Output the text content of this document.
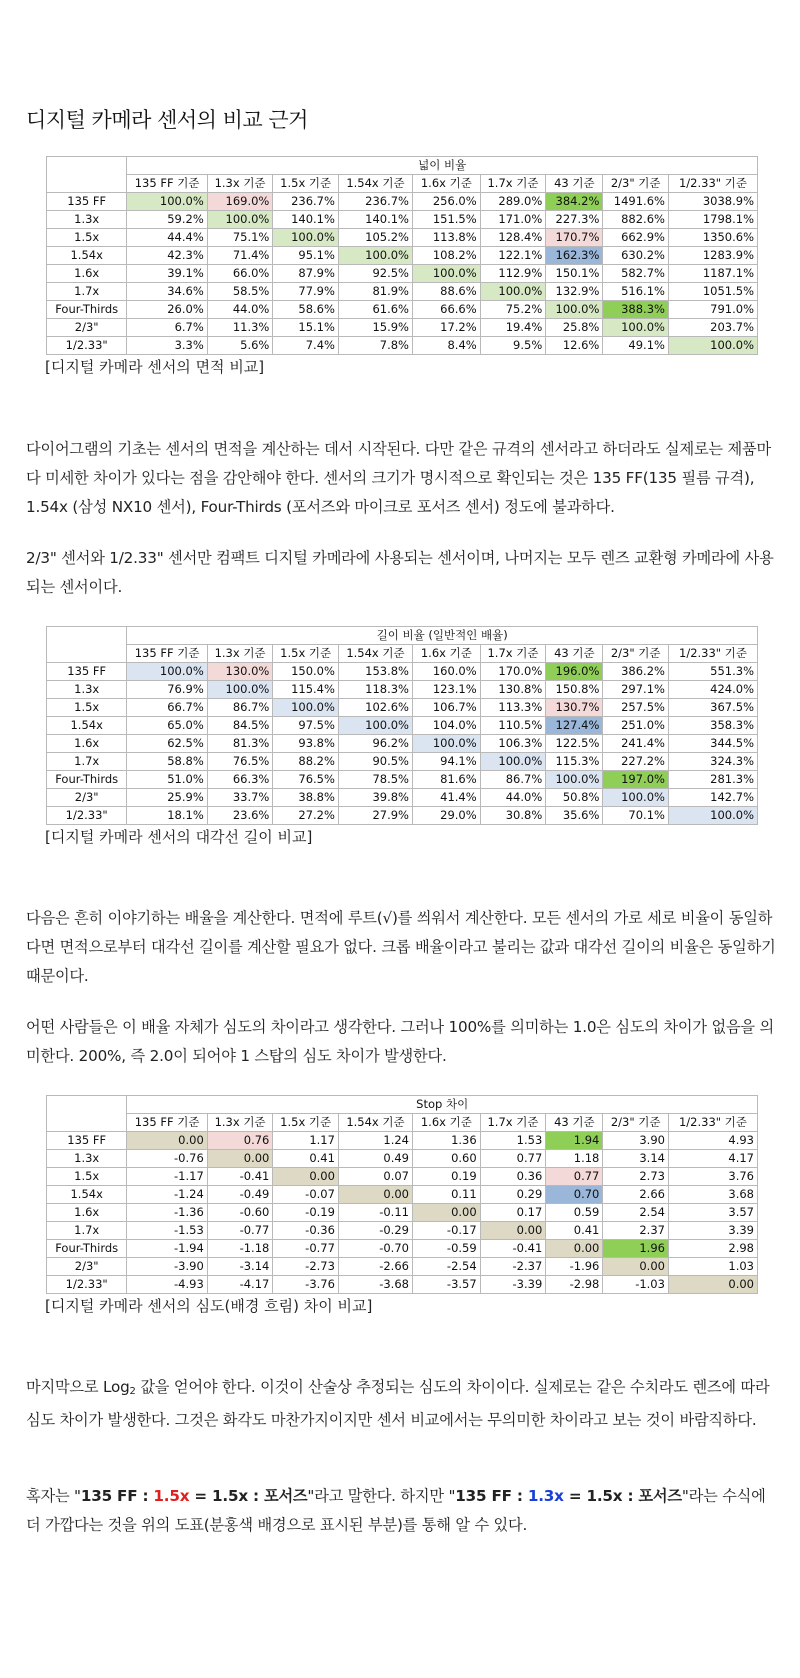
디지털 카메라 센서의 비교 근거
	넓이 비율								
	135 FF 기준	1.3x 기준	1.5x 기준	1.54x 기준	1.6x 기준	1.7x 기준	43 기준	2/3" 기준	1/2.33" 기준
135 FF	100.0%	169.0%	236.7%	236.7%	256.0%	289.0%	384.2%	1491.6%	3038.9%
1.3x	59.2%	100.0%	140.1%	140.1%	151.5%	171.0%	227.3%	882.6%	1798.1%
1.5x	44.4%	75.1%	100.0%	105.2%	113.8%	128.4%	170.7%	662.9%	1350.6%
1.54x	42.3%	71.4%	95.1%	100.0%	108.2%	122.1%	162.3%	630.2%	1283.9%
1.6x	39.1%	66.0%	87.9%	92.5%	100.0%	112.9%	150.1%	582.7%	1187.1%
1.7x	34.6%	58.5%	77.9%	81.9%	88.6%	100.0%	132.9%	516.1%	1051.5%
Four-Thirds	26.0%	44.0%	58.6%	61.6%	66.6%	75.2%	100.0%	388.3%	791.0%
2/3"	6.7%	11.3%	15.1%	15.9%	17.2%	19.4%	25.8%	100.0%	203.7%
1/2.33"	3.3%	5.6%	7.4%	7.8%	8.4%	9.5%	12.6%	49.1%	100.0%

[디지털 카메라 센서의 면적 비교]

다이어그램의 기초는 센서의 면적을 계산하는 데서 시작된다. 다만 같은 규격의 센서라고 하더라도 실제로는 제품마다 미세한 차이가 있다는 점을 감안해야 한다. 센서의 크기가 명시적으로 확인되는 것은 135 FF(135 필름 규격), 1.54x (삼성 NX10 센서), Four-Thirds (포서즈와 마이크로 포서즈 센서) 정도에 불과하다.

2/3" 센서와 1/2.33" 센서만 컴팩트 디지털 카메라에 사용되는 센서이며, 나머지는 모두 렌즈 교환형 카메라에 사용되는 센서이다.

	길이 비율 (일반적인 배율)								
	135 FF 기준	1.3x 기준	1.5x 기준	1.54x 기준	1.6x 기준	1.7x 기준	43 기준	2/3" 기준	1/2.33" 기준
135 FF	100.0%	130.0%	150.0%	153.8%	160.0%	170.0%	196.0%	386.2%	551.3%
1.3x	76.9%	100.0%	115.4%	118.3%	123.1%	130.8%	150.8%	297.1%	424.0%
1.5x	66.7%	86.7%	100.0%	102.6%	106.7%	113.3%	130.7%	257.5%	367.5%
1.54x	65.0%	84.5%	97.5%	100.0%	104.0%	110.5%	127.4%	251.0%	358.3%
1.6x	62.5%	81.3%	93.8%	96.2%	100.0%	106.3%	122.5%	241.4%	344.5%
1.7x	58.8%	76.5%	88.2%	90.5%	94.1%	100.0%	115.3%	227.2%	324.3%
Four-Thirds	51.0%	66.3%	76.5%	78.5%	81.6%	86.7%	100.0%	197.0%	281.3%
2/3"	25.9%	33.7%	38.8%	39.8%	41.4%	44.0%	50.8%	100.0%	142.7%
1/2.33"	18.1%	23.6%	27.2%	27.9%	29.0%	30.8%	35.6%	70.1%	100.0%

[디지털 카메라 센서의 대각선 길이 비교]

다음은 흔히 이야기하는 배율을 계산한다. 면적에 루트(√)를 씌워서 계산한다. 모든 센서의 가로 세로 비율이 동일하다면 면적으로부터 대각선 길이를 계산할 필요가 없다. 크롭 배율이라고 불리는 값과 대각선 길이의 비율은 동일하기 때문이다.

어떤 사람들은 이 배율 자체가 심도의 차이라고 생각한다. 그러나 100%를 의미하는 1.0은 심도의 차이가 없음을 의미한다. 200%, 즉 2.0이 되어야 1 스탑의 심도 차이가 발생한다.

	Stop 차이								
	135 FF 기준	1.3x 기준	1.5x 기준	1.54x 기준	1.6x 기준	1.7x 기준	43 기준	2/3" 기준	1/2.33" 기준
135 FF	0.00	0.76	1.17	1.24	1.36	1.53	1.94	3.90	4.93
1.3x	-0.76	0.00	0.41	0.49	0.60	0.77	1.18	3.14	4.17
1.5x	-1.17	-0.41	0.00	0.07	0.19	0.36	0.77	2.73	3.76
1.54x	-1.24	-0.49	-0.07	0.00	0.11	0.29	0.70	2.66	3.68
1.6x	-1.36	-0.60	-0.19	-0.11	0.00	0.17	0.59	2.54	3.57
1.7x	-1.53	-0.77	-0.36	-0.29	-0.17	0.00	0.41	2.37	3.39
Four-Thirds	-1.94	-1.18	-0.77	-0.70	-0.59	-0.41	0.00	1.96	2.98
2/3"	-3.90	-3.14	-2.73	-2.66	-2.54	-2.37	-1.96	0.00	1.03
1/2.33"	-4.93	-4.17	-3.76	-3.68	-3.57	-3.39	-2.98	-1.03	0.00

[디지털 카메라 센서의 심도(배경 흐림) 차이 비교]

마지막으로 Log$_2$ 값을 얻어야 한다. 이것이 산술상 추정되는 심도의 차이이다. 실제로는 같은 수치라도 렌즈에 따라 심도 차이가 발생한다. 그것은 화각도 마찬가지이지만 센서 비교에서는 무의미한 차이라고 보는 것이 바람직하다.

혹자는 "135 FF : 1.5x = 1.5x : 포서즈"라고 말한다. 하지만 "135 FF : 1.3x = 1.5x : 포서즈"라는 수식에 더 가깝다는 것을 위의 도표(분홍색 배경으로 표시된 부분)를 통해 알 수 있다.
